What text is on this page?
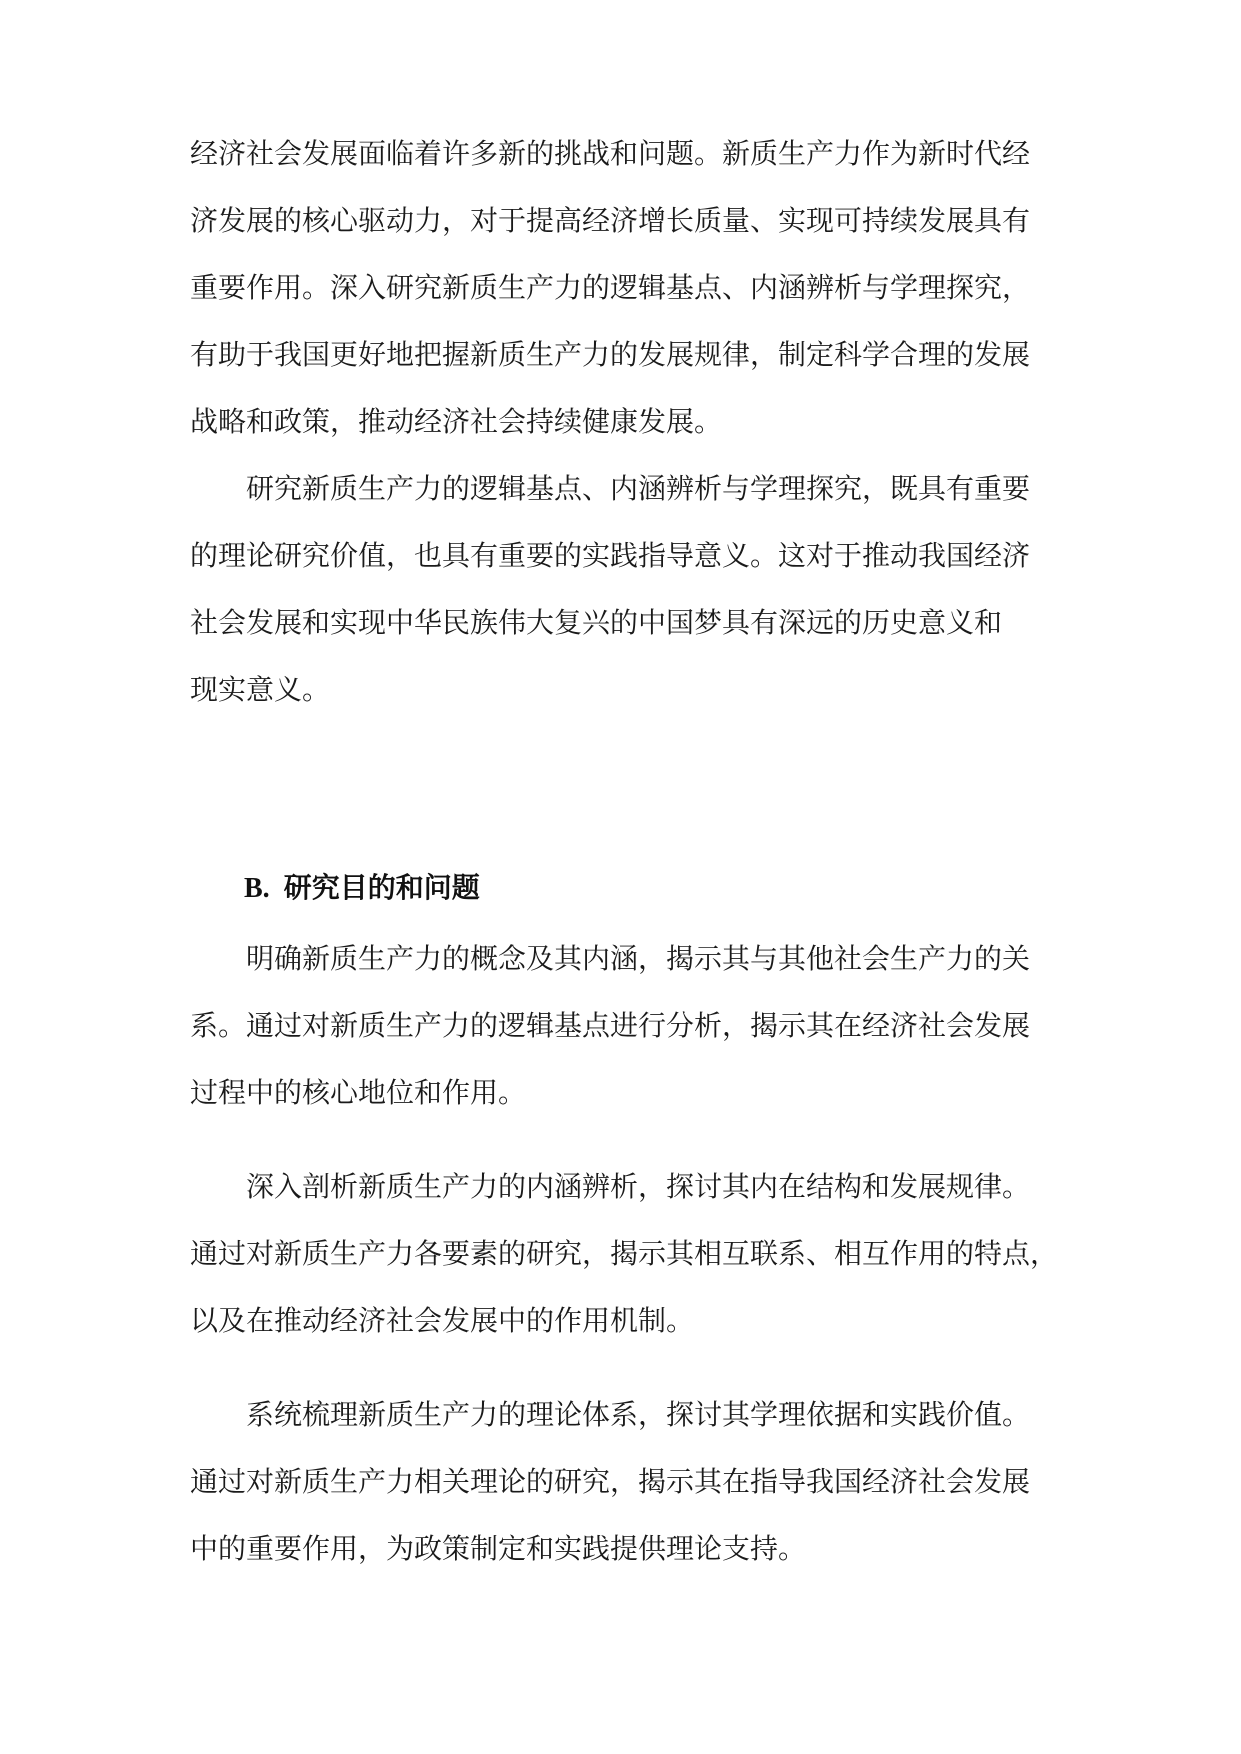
经济社会发展面临着许多新的挑战和问题。新质生产力作为新时代经
济发展的核心驱动力，对于提高经济增长质量、实现可持续发展具有
重要作用。深入研究新质生产力的逻辑基点、内涵辨析与学理探究，
有助于我国更好地把握新质生产力的发展规律，制定科学合理的发展
战略和政策，推动经济社会持续健康发展。
研究新质生产力的逻辑基点、内涵辨析与学理探究，既具有重要
的理论研究价值，也具有重要的实践指导意义。这对于推动我国经济
社会发展和实现中华民族伟大复兴的中国梦具有深远的历史意义和
现实意义。
B. 研究目的和问题
明确新质生产力的概念及其内涵，揭示其与其他社会生产力的关
系。通过对新质生产力的逻辑基点进行分析，揭示其在经济社会发展
过程中的核心地位和作用。
深入剖析新质生产力的内涵辨析，探讨其内在结构和发展规律。
通过对新质生产力各要素的研究，揭示其相互联系、相互作用的特点，
以及在推动经济社会发展中的作用机制。
系统梳理新质生产力的理论体系，探讨其学理依据和实践价值。
通过对新质生产力相关理论的研究，揭示其在指导我国经济社会发展
中的重要作用，为政策制定和实践提供理论支持。
